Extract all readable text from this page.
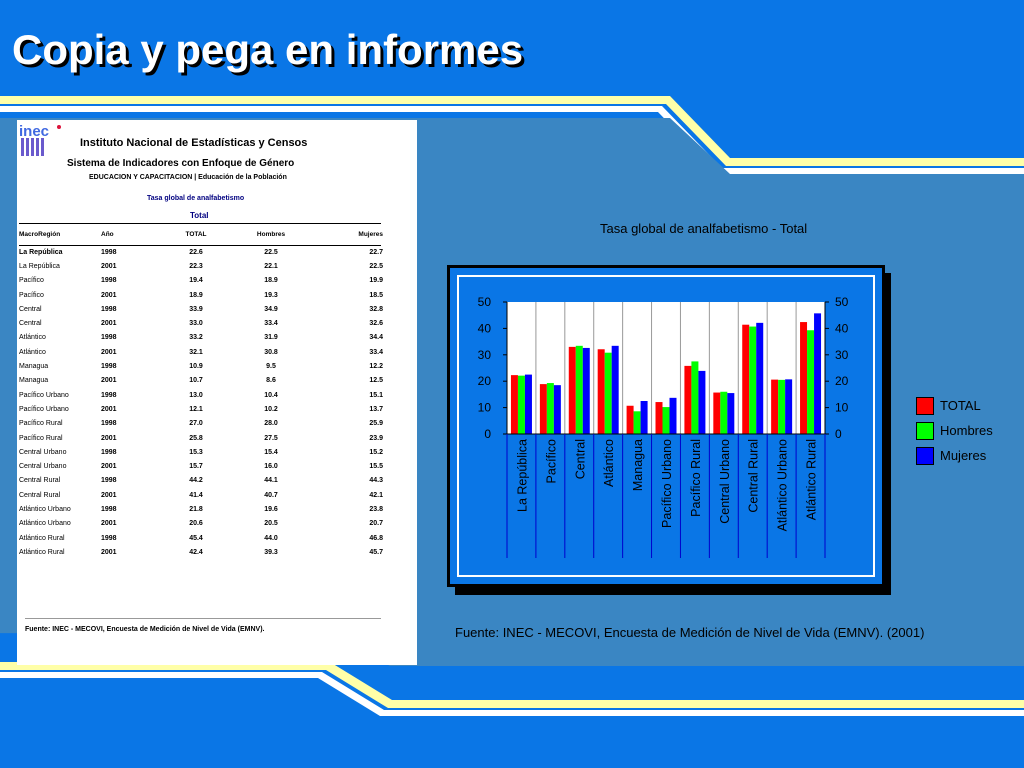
Copia y pega en informes
inec
Instituto Nacional de Estadísticas y Censos
Sistema de Indicadores con Enfoque de Género
EDUCACION Y CAPACITACION | Educación de la Población
Tasa global de analfabetismo
Total
MacroRegión	Año	TOTAL	Hombres	Mujeres
La República	1998	22.6	22.5	22.7
La República	2001	22.3	22.1	22.5
Pacífico	1998	19.4	18.9	19.9
Pacífico	2001	18.9	19.3	18.5
Central	1998	33.9	34.9	32.8
Central	2001	33.0	33.4	32.6
Atlántico	1998	33.2	31.9	34.4
Atlántico	2001	32.1	30.8	33.4
Managua	1998	10.9	9.5	12.2
Managua	2001	10.7	8.6	12.5
Pacífico Urbano	1998	13.0	10.4	15.1
Pacífico Urbano	2001	12.1	10.2	13.7
Pacífico Rural	1998	27.0	28.0	25.9
Pacífico Rural	2001	25.8	27.5	23.9
Central Urbano	1998	15.3	15.4	15.2
Central Urbano	2001	15.7	16.0	15.5
Central Rural	1998	44.2	44.1	44.3
Central Rural	2001	41.4	40.7	42.1
Atlántico Urbano	1998	21.8	19.6	23.8
Atlántico Urbano	2001	20.6	20.5	20.7
Atlántico Rural	1998	45.4	44.0	46.8
Atlántico Rural	2001	42.4	39.3	45.7
Fuente: INEC - MECOVI, Encuesta de Medición de Nivel de Vida (EMNV).
Tasa global de analfabetismo - Total
0	0
10	10
20	20
30	30
40	40
50	50
La República Pacífico Central Atlántico Managua Pacífico Urbano Pacífico Rural Central Urbano Central Rural Atlántico Urbano Atlántico Rural
TOTAL
Hombres
Mujeres
Fuente: INEC - MECOVI, Encuesta de Medición de Nivel de Vida (EMNV). (2001)
